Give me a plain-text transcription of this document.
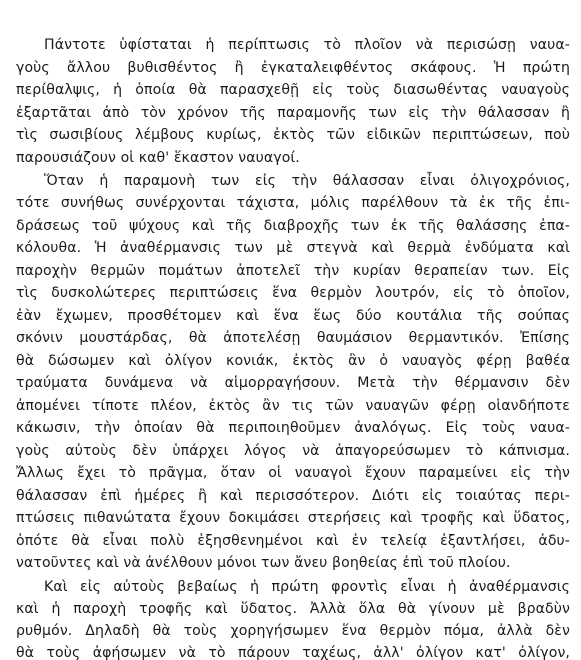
Πάντοτε ὑφίσταται ἡ περίπτωσις τὸ πλοῖον νὰ περισώσῃ ναυα-
γοὺς ἄλλου βυθισθέντος ἢ ἐγκαταλειφθέντος σκάφους. Ἡ πρώτη
περίθαλψις, ἡ ὁποία θὰ παρασχεθῇ εἰς τοὺς διασωθέντας ναυαγοὺς
ἐξαρτᾶται ἀπὸ τὸν χρόνον τῆς παραμονῆς των εἰς τὴν θάλασσαν ἢ
τὶς σωσιβίους λέμβους κυρίως, ἐκτὸς τῶν εἰδικῶν περιπτώσεων, ποὺ
παρουσιάζουν οἱ καθ' ἕκαστον ναυαγοί.
Ὅταν ἡ παραμονὴ των εἰς τὴν θάλασσαν εἶναι ὀλιγοχρόνιος,
τότε συνήθως συνέρχονται τάχιστα, μόλις παρέλθουν τὰ ἐκ τῆς ἐπι-
δράσεως τοῦ ψύχους καὶ τῆς διαβροχῆς των ἐκ τῆς θαλάσσης ἐπα-
κόλουθα. Ἡ ἀναθέρμανσις των μὲ στεγνὰ καὶ θερμὰ ἐνδύματα καὶ
παροχὴν θερμῶν πομάτων ἀποτελεῖ τὴν κυρίαν θεραπείαν των. Εἰς
τὶς δυσκολώτερες περιπτώσεις ἕνα θερμὸν λουτρόν, εἰς τὸ ὁποῖον,
ἐὰν ἔχωμεν, προσθέτομεν καὶ ἕνα ἕως δύο κουτάλια τῆς σούπας
σκόνιν μουστάρδας, θὰ ἀποτελέσῃ θαυμάσιον θερμαντικόν. Ἐπίσης
θὰ δώσωμεν καὶ ὀλίγον κονιάκ, ἐκτὸς ἂν ὁ ναυαγὸς φέρῃ βαθέα
τραύματα δυνάμενα νὰ αἱμορραγήσουν. Μετὰ τὴν θέρμανσιν δὲν
ἀπομένει τίποτε πλέον, ἐκτὸς ἂν τις τῶν ναυαγῶν φέρῃ οἱανδήποτε
κάκωσιν, τὴν ὁποίαν θὰ περιποιηθοῦμεν ἀναλόγως. Εἰς τοὺς ναυα-
γοὺς αὐτοὺς δὲν ὑπάρχει λόγος νὰ ἀπαγορεύσωμεν τὸ κάπνισμα.
Ἄλλως ἔχει τὸ πρᾶγμα, ὅταν οἱ ναυαγοὶ ἔχουν παραμείνει εἰς τὴν
θάλασσαν ἐπὶ ἡμέρες ἢ καὶ περισσότερον. Διότι εἰς τοιαύτας περι-
πτώσεις πιθανώτατα ἔχουν δοκιμάσει στερήσεις καὶ τροφῆς καὶ ὕδατος,
ὁπότε θὰ εἶναι πολὺ ἐξησθενημένοι καὶ ἐν τελείᾳ ἐξαντλήσει, ἀδυ-
νατοῦντες καὶ νὰ ἀνέλθουν μόνοι των ἄνευ βοηθείας ἐπὶ τοῦ πλοίου.
Καὶ εἰς αὐτοὺς βεβαίως ἡ πρώτη φροντὶς εἶναι ἡ ἀναθέρμανσις
καὶ ἡ παροχὴ τροφῆς καὶ ὕδατος. Ἀλλὰ ὅλα θὰ γίνουν μὲ βραδὺν
ρυθμόν. Δηλαδὴ θὰ τοὺς χορηγήσωμεν ἕνα θερμὸν πόμα, ἀλλὰ δὲν
θὰ τοὺς ἀφήσωμεν νὰ τὸ πάρουν ταχέως, ἀλλ' ὀλίγον κατ' ὀλίγον,
